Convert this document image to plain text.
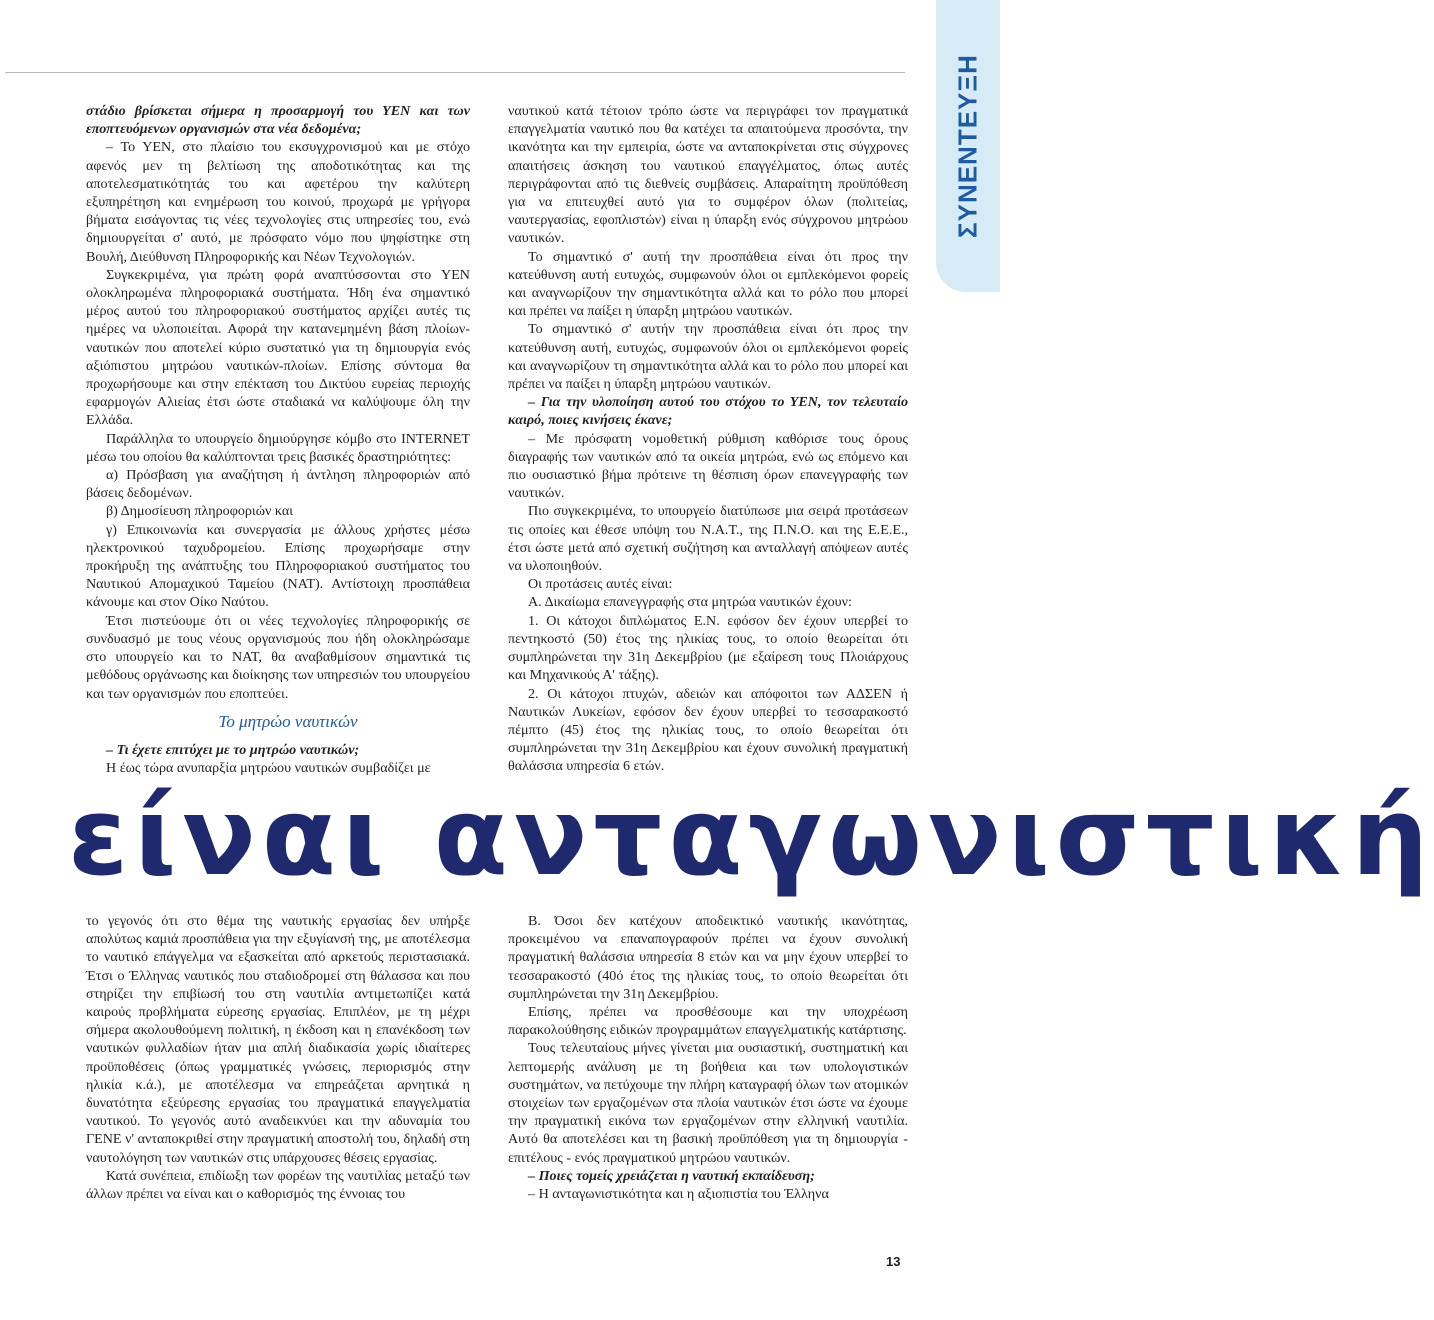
ΣΥΝΕΝΤΕΥΞΗ

στάδιο βρίσκεται σήμερα η προσαρμογή του ΥΕΝ και των εποπτευόμενων οργανισμών στα νέα δεδομένα;

– Το ΥΕΝ, στο πλαίσιο του εκσυγχρονισμού και με στόχο αφενός μεν τη βελτίωση της αποδοτικότητας και της αποτελεσματικότητάς του και αφετέρου την καλύτερη εξυπηρέτηση και ενημέρωση του κοινού, προχωρά με γρήγορα βήματα εισάγοντας τις νέες τεχνολογίες στις υπηρεσίες του, ενώ δημιουργείται σ' αυτό, με πρόσφατο νόμο που ψηφίστηκε στη Βουλή, Διεύθυνση Πληροφορικής και Νέων Τεχνολογιών.

Συγκεκριμένα, για πρώτη φορά αναπτύσσονται στο ΥΕΝ ολοκληρωμένα πληροφοριακά συστήματα. Ήδη ένα σημαντικό μέρος αυτού του πληροφοριακού συστήματος αρχίζει αυτές τις ημέρες να υλοποιείται. Αφορά την κατανεμημένη βάση πλοίων-ναυτικών που αποτελεί κύριο συστατικό για τη δημιουργία ενός αξιόπιστου μητρώου ναυτικών-πλοίων. Επίσης σύντομα θα προχωρήσουμε και στην επέκταση του Δικτύου ευρείας περιοχής εφαρμογών Αλιείας έτσι ώστε σταδιακά να καλύψουμε όλη την Ελλάδα.

Παράλληλα το υπουργείο δημιούργησε κόμβο στο INTERNET μέσω του οποίου θα καλύπτονται τρεις βασικές δραστηριότητες:

α) Πρόσβαση για αναζήτηση ή άντληση πληροφοριών από βάσεις δεδομένων.

β) Δημοσίευση πληροφοριών και

γ) Επικοινωνία και συνεργασία με άλλους χρήστες μέσω ηλεκτρονικού ταχυδρομείου. Επίσης προχωρήσαμε στην προκήρυξη της ανάπτυξης του Πληροφοριακού συστήματος του Ναυτικού Απομαχικού Ταμείου (ΝΑΤ). Αντίστοιχη προσπάθεια κάνουμε και στον Οίκο Ναύτου.

Έτσι πιστεύουμε ότι οι νέες τεχνολογίες πληροφορικής σε συνδυασμό με τους νέους οργανισμούς που ήδη ολοκληρώσαμε στο υπουργείο και το ΝΑΤ, θα αναβαθμίσουν σημαντικά τις μεθόδους οργάνωσης και διοίκησης των υπηρεσιών του υπουργείου και των οργανισμών που εποπτεύει.

Το μητρώο ναυτικών

– Τι έχετε επιτύχει με το μητρώο ναυτικών;

Η έως τώρα ανυπαρξία μητρώου ναυτικών συμβαδίζει με

ναυτικού κατά τέτοιον τρόπο ώστε να περιγράφει τον πραγματικά επαγγελματία ναυτικό που θα κατέχει τα απαιτούμενα προσόντα, την ικανότητα και την εμπειρία, ώστε να ανταποκρίνεται στις σύγχρονες απαιτήσεις άσκηση του ναυτικού επαγγέλματος, όπως αυτές περιγράφονται από τις διεθνείς συμβάσεις. Απαραίτητη προϋπόθεση για να επιτευχθεί αυτό για το συμφέρον όλων (πολιτείας, ναυτεργασίας, εφοπλιστών) είναι η ύπαρξη ενός σύγχρονου μητρώου ναυτικών.

Το σημαντικό σ' αυτή την προσπάθεια είναι ότι προς την κατεύθυνση αυτή ευτυχώς, συμφωνούν όλοι οι εμπλεκόμενοι φορείς και αναγνωρίζουν την σημαντικότητα αλλά και το ρόλο που μπορεί και πρέπει να παίξει η ύπαρξη μητρώου ναυτικών.

Το σημαντικό σ' αυτήν την προσπάθεια είναι ότι προς την κατεύθυνση αυτή, ευτυχώς, συμφωνούν όλοι οι εμπλεκόμενοι φορείς και αναγνωρίζουν τη σημαντικότητα αλλά και το ρόλο που μπορεί και πρέπει να παίξει η ύπαρξη μητρώου ναυτικών.

– Για την υλοποίηση αυτού του στόχου το ΥΕΝ, τον τελευταίο καιρό, ποιες κινήσεις έκανε;

– Με πρόσφατη νομοθετική ρύθμιση καθόρισε τους όρους διαγραφής των ναυτικών από τα οικεία μητρώα, ενώ ως επόμενο και πιο ουσιαστικό βήμα πρότεινε τη θέσπιση όρων επανεγγραφής των ναυτικών.

Πιο συγκεκριμένα, το υπουργείο διατύπωσε μια σειρά προτάσεων τις οποίες και έθεσε υπόψη του Ν.Α.Τ., της Π.Ν.Ο. και της Ε.Ε.Ε., έτσι ώστε μετά από σχετική συζήτηση και ανταλλαγή απόψεων αυτές να υλοποιηθούν.

Οι προτάσεις αυτές είναι:

Α. Δικαίωμα επανεγγραφής στα μητρώα ναυτικών έχουν:

1. Οι κάτοχοι διπλώματος Ε.Ν. εφόσον δεν έχουν υπερβεί το πεντηκοστό (50) έτος της ηλικίας τους, το οποίο θεωρείται ότι συμπληρώνεται την 31η Δεκεμβρίου (με εξαίρεση τους Πλοιάρχους και Μηχανικούς Α' τάξης).

2. Οι κάτοχοι πτυχών, αδειών και απόφοιτοι των ΑΔΣΕΝ ή Ναυτικών Λυκείων, εφόσον δεν έχουν υπερβεί το τεσσαρακοστό πέμπτο (45) έτος της ηλικίας τους, το οποίο θεωρείται ότι συμπληρώνεται την 31η Δεκεμβρίου και έχουν συνολική πραγματική θαλάσσια υπηρεσία 6 ετών.

είναι ανταγωνιστική

το γεγονός ότι στο θέμα της ναυτικής εργασίας δεν υπήρξε απολύτως καμιά προσπάθεια για την εξυγίανσή της, με αποτέλεσμα το ναυτικό επάγγελμα να εξασκείται από αρκετούς περιστασιακά. Έτσι ο Έλληνας ναυτικός που σταδιοδρομεί στη θάλασσα και που στηρίζει την επιβίωσή του στη ναυτιλία αντιμετωπίζει κατά καιρούς προβλήματα εύρεσης εργασίας. Επιπλέον, με τη μέχρι σήμερα ακολουθούμενη πολιτική, η έκδοση και η επανέκδοση των ναυτικών φυλλαδίων ήταν μια απλή διαδικασία χωρίς ιδιαίτερες προϋποθέσεις (όπως γραμματικές γνώσεις, περιορισμός στην ηλικία κ.ά.), με αποτέλεσμα να επηρεάζεται αρνητικά η δυνατότητα εξεύρεσης εργασίας του πραγματικά επαγγελματία ναυτικού. Το γεγονός αυτό αναδεικνύει και την αδυναμία του ΓΕΝΕ ν' ανταποκριθεί στην πραγματική αποστολή του, δηλαδή στη ναυτολόγηση των ναυτικών στις υπάρχουσες θέσεις εργασίας.

Κατά συνέπεια, επιδίωξη των φορέων της ναυτιλίας μεταξύ των άλλων πρέπει να είναι και ο καθορισμός της έννοιας του

Β. Όσοι δεν κατέχουν αποδεικτικό ναυτικής ικανότητας, προκειμένου να επαναπογραφούν πρέπει να έχουν συνολική πραγματική θαλάσσια υπηρεσία 8 ετών και να μην έχουν υπερβεί το τεσσαρακοστό (40ό έτος της ηλικίας τους, το οποίο θεωρείται ότι συμπληρώνεται την 31η Δεκεμβρίου.

Επίσης, πρέπει να προσθέσουμε και την υποχρέωση παρακολούθησης ειδικών προγραμμάτων επαγγελματικής κατάρτισης.

Τους τελευταίους μήνες γίνεται μια ουσιαστική, συστηματική και λεπτομερής ανάλυση με τη βοήθεια και των υπολογιστικών συστημάτων, να πετύχουμε την πλήρη καταγραφή όλων των ατομικών στοιχείων των εργαζομένων στα πλοία ναυτικών έτσι ώστε να έχουμε την πραγματική εικόνα των εργαζομένων στην ελληνική ναυτιλία. Αυτό θα αποτελέσει και τη βασική προϋπόθεση για τη δημιουργία - επιτέλους - ενός πραγματικού μητρώου ναυτικών.

– Ποιες τομείς χρειάζεται η ναυτική εκπαίδευση;

– Η ανταγωνιστικότητα και η αξιοπιστία του Έλληνα

13
